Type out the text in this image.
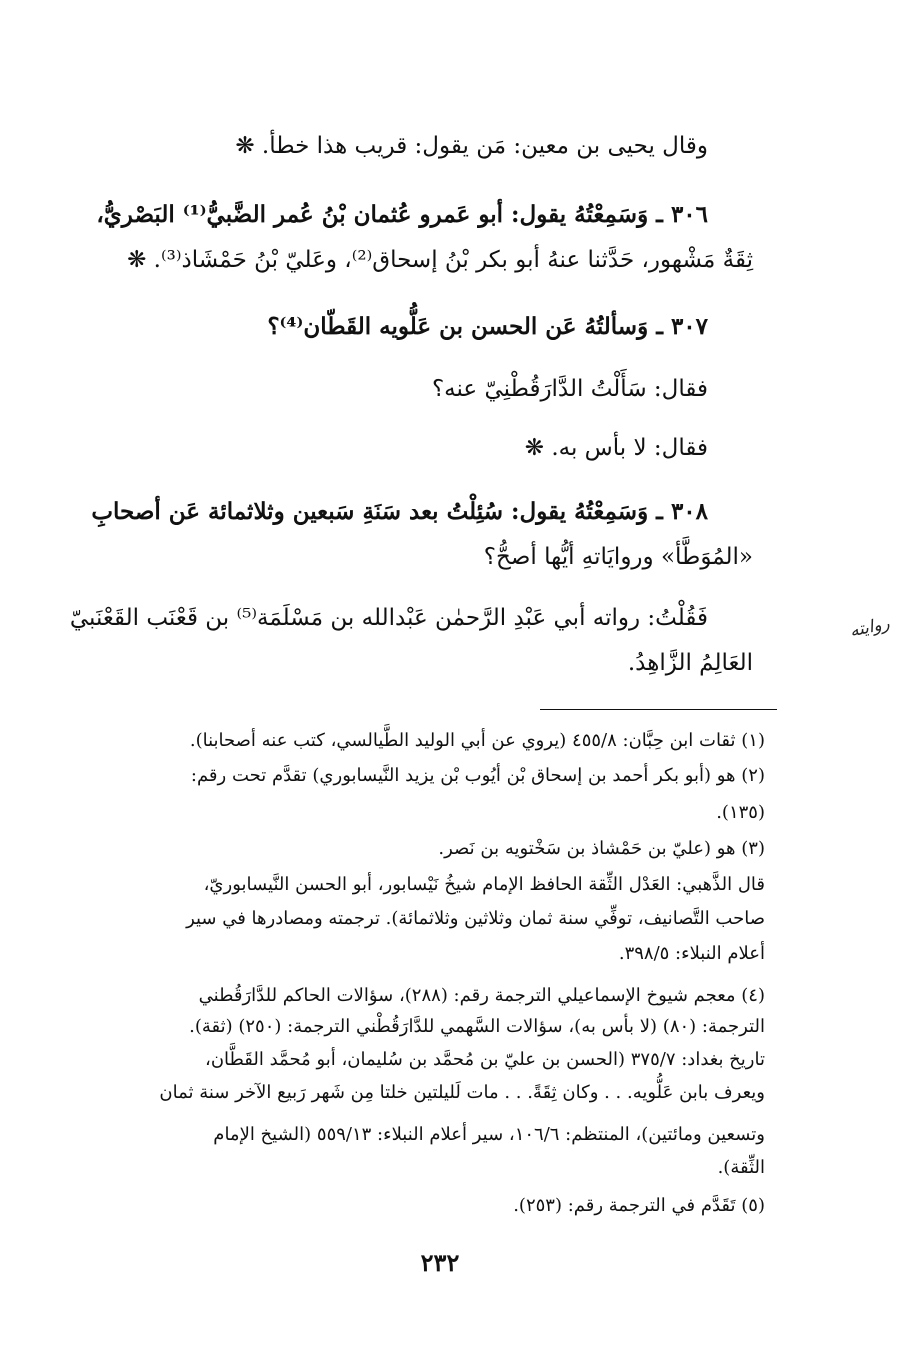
وقال يحيى بن معين: مَن يقول: قريب هذا خطأ. ❋
٣٠٦ ـ وَسَمِعْتُهُ يقول: أبو عَمرو عُثمان بْنُ عُمر الضَّبيُّ⁽¹⁾ البَصْريُّ،
ثِقَةٌ مَشْهور، حَدَّثنا عنهُ أبو بكر بْنُ إسحاق⁽²⁾، وعَليّ بْنُ حَمْشَاذ⁽³⁾. ❋
٣٠٧ ـ وَسألتُهُ عَن الحسن بن عَلُّويه القَطّان⁽⁴⁾؟
فقال: سَأَلْتُ الدَّارَقُطْنِيّ عنه؟
فقال: لا بأس به. ❋
٣٠٨ ـ وَسَمِعْتُهُ يقول: سُئِلْتُ بعد سَنَةِ سَبعين وثلاثمائة عَن أصحابِ
«المُوَطَّأ» وروايَاتهِ أيُّها أصحُّ؟
فَقُلْتُ: رواته أبي عَبْدِ الرَّحمٰن عَبْدالله بن مَسْلَمَة⁽⁵⁾ بن قَعْنَب القَعْنَبيّ
العَالِمُ الزَّاهِدُ.
روايته
(١) ثقات ابن حِبَّان: ٤٥٥/٨ (يروي عن أبي الوليد الطَّيالسي، كتب عنه أصحابنا).
(٢) هو (أبو بكر أحمد بن إسحاق بْن أيُوب بْن يزيد النَّيسابوري) تقدَّم تحت رقم:
(١٣٥).
(٣) هو (عليّ بن حَمْشاذ بن سَخْتويه بن نَصر.
قال الذَّهبي: العَدْل الثِّقة الحافظ الإمام شيخُ نَيْسابور، أبو الحسن النَّيسابوريّ،
صاحب التَّصانيف، توفِّي سنة ثمان وثلاثين وثلاثمائة). ترجمته ومصادرها في سير
أعلام النبلاء: ٣٩٨/٥.
(٤) معجم شيوخ الإسماعيلي الترجمة رقم: (٢٨٨)، سؤالات الحاكم للدَّارَقُطني
الترجمة: (٨٠) (لا بأس به)، سؤالات السَّهمي للدَّارَقُطْني الترجمة: (٢٥٠) (ثقة).
تاريخ بغداد: ٣٧٥/٧ (الحسن بن عليّ بن مُحمَّد بن سُليمان، أبو مُحمَّد القَطَّان،
ويعرف بابن عَلُّويه. . . وكان ثِقَةً. . . مات لَليلتين خلتا مِن شَهر رَبيع الآخر سنة ثمان
وتسعين ومائتين)، المنتظم: ١٠٦/٦، سير أعلام النبلاء: ٥٥٩/١٣ (الشيخ الإمام
الثِّقة).
(٥) تَقَدَّم في الترجمة رقم: (٢٥٣).
٢٣٢
